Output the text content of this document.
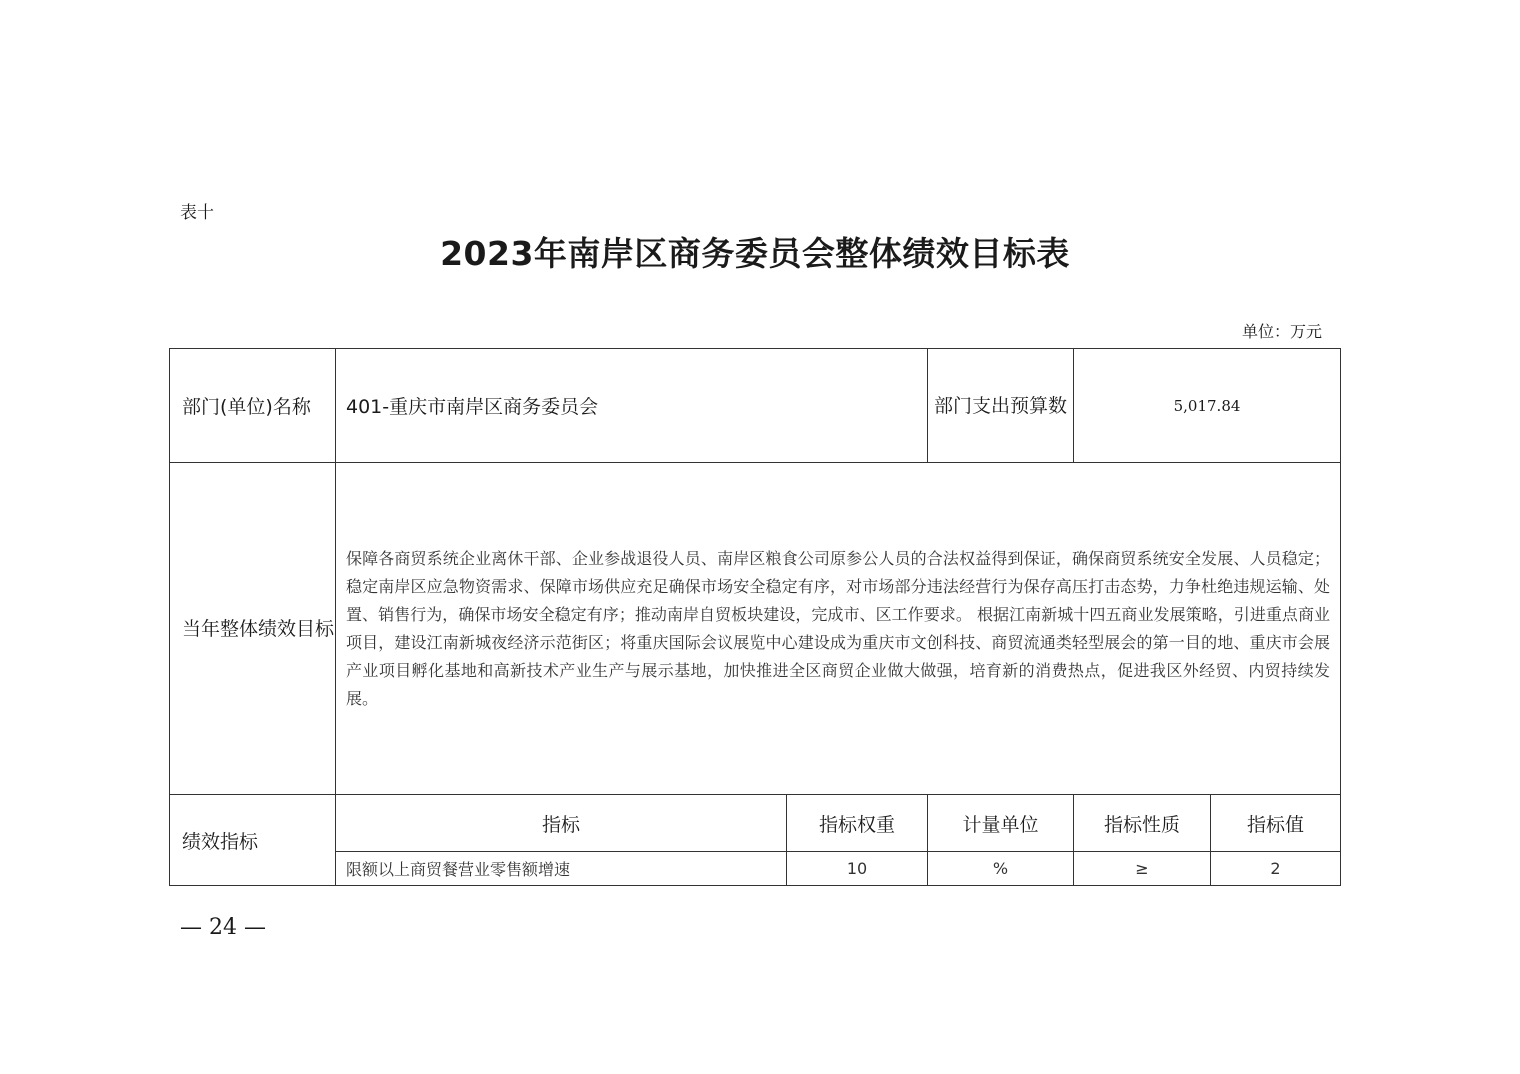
表十
2023年南岸区商务委员会整体绩效目标表
单位：万元
部门(单位)名称	401-重庆市南岸区商务委员会		部门支出预算数	5,017.84	
当年整体绩效目标	保障各商贸系统企业离休干部、企业参战退役人员、南岸区粮食公司原参公人员的合法权益得到保证，确保商贸系统安全发展、人员稳定；稳定南岸区应急物资需求、保障市场供应充足确保市场安全稳定有序，对市场部分违法经营行为保存高压打击态势，力争杜绝违规运输、处置、销售行为，确保市场安全稳定有序；推动南岸自贸板块建设，完成市、区工作要求。 根据江南新城十四五商业发展策略，引进重点商业项目，建设江南新城夜经济示范街区；将重庆国际会议展览中心建设成为重庆市文创科技、商贸流通类轻型展会的第一目的地、重庆市会展产业项目孵化基地和高新技术产业生产与展示基地，加快推进全区商贸企业做大做强，培育新的消费热点，促进我区外经贸、内贸持续发展。				
绩效指标	指标	指标权重	计量单位	指标性质	指标值
	限额以上商贸餐营业零售额增速	10	%	≥	2
— 24 —
